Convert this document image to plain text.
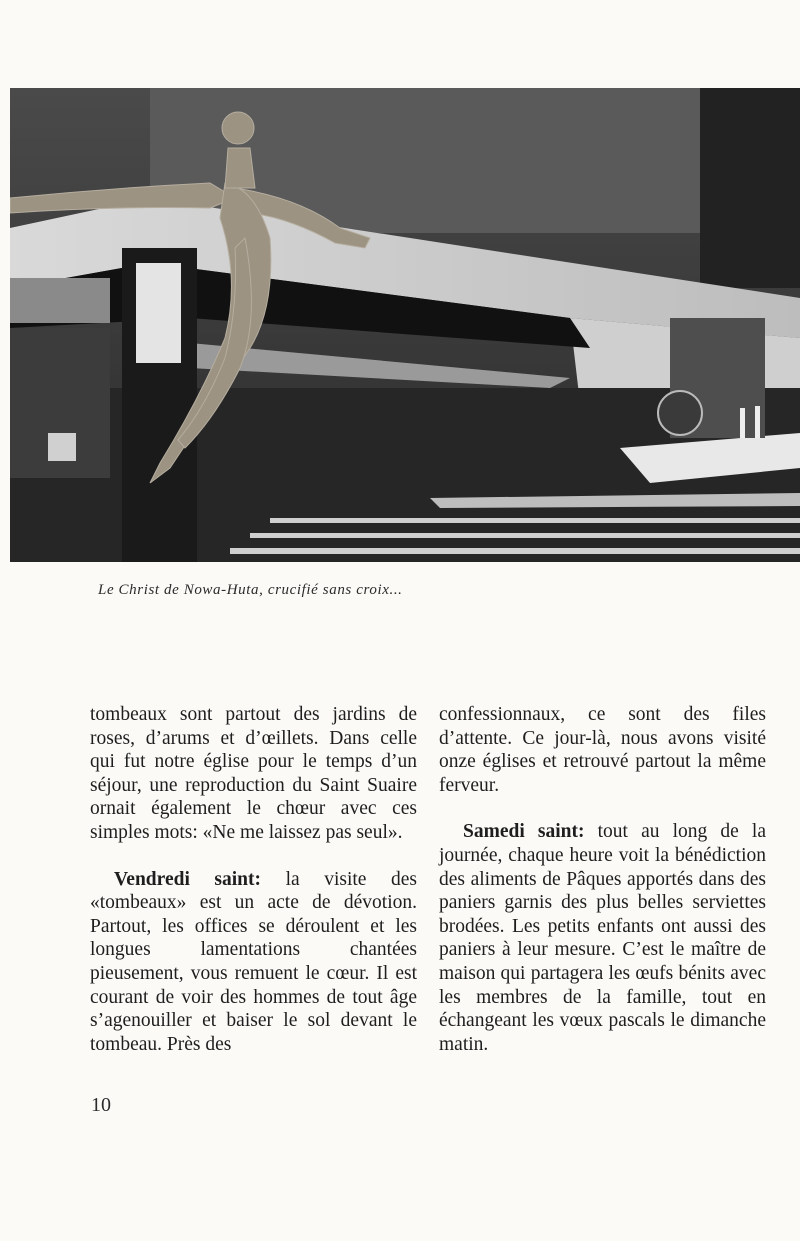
Le Christ de Nowa-Huta, crucifié sans croix...

tombeaux sont partout des jardins de roses, d’arums et d’œillets. Dans celle qui fut notre église pour le temps d’un séjour, une reproduction du Saint Suaire ornait également le chœur avec ces simples mots: «Ne me laissez pas seul».

Vendredi saint: la visite des «tombeaux» est un acte de dévotion. Partout, les offices se déroulent et les longues lamentations chantées pieusement, vous remuent le cœur. Il est courant de voir des hommes de tout âge s’agenouiller et baiser le sol devant le tombeau. Près des

confessionnaux, ce sont des files d’attente. Ce jour-là, nous avons visité onze églises et retrouvé partout la même ferveur.

Samedi saint: tout au long de la journée, chaque heure voit la bénédiction des aliments de Pâques apportés dans des paniers garnis des plus belles serviettes brodées. Les petits enfants ont aussi des paniers à leur mesure. C’est le maître de maison qui partagera les œufs bénits avec les membres de la famille, tout en échangeant les vœux pascals le dimanche matin.

10
